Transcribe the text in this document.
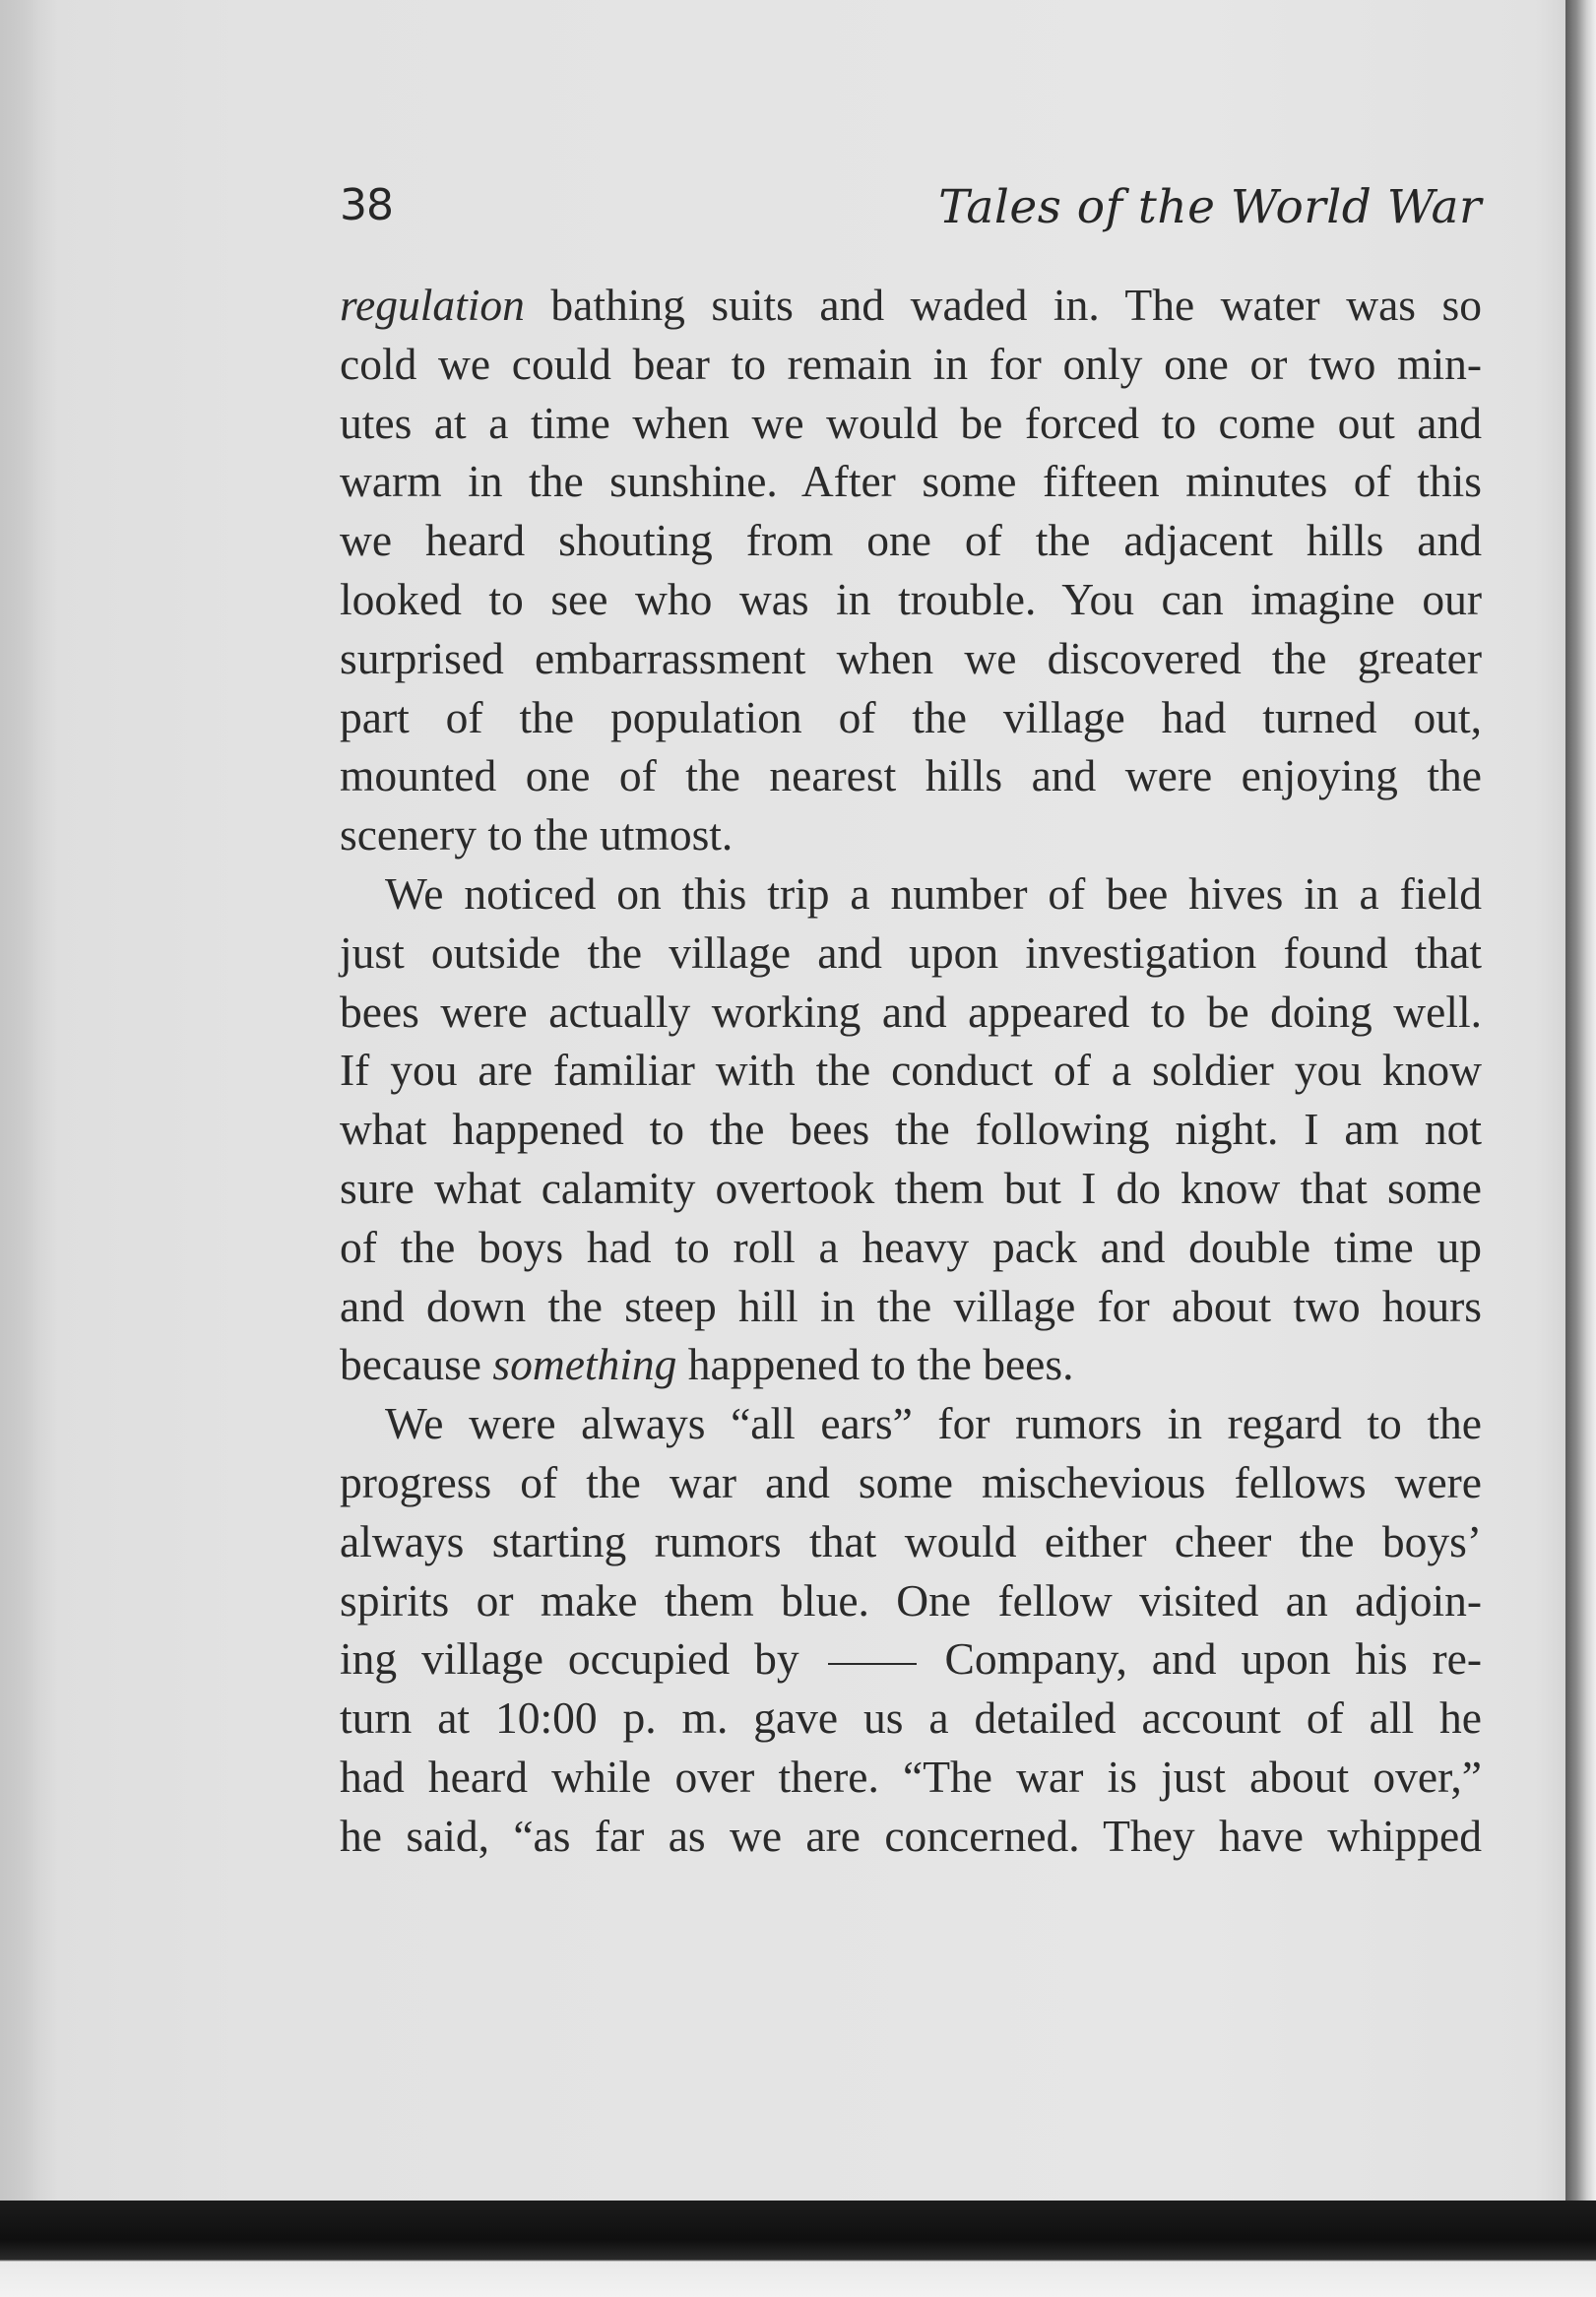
38	Tales of the World War
regulation bathing suits and waded in. The water was so
cold we could bear to remain in for only one or two min-
utes at a time when we would be forced to come out and
warm in the sunshine. After some fifteen minutes of this
we heard shouting from one of the adjacent hills and
looked to see who was in trouble. You can imagine our
surprised embarrassment when we discovered the greater
part of the population of the village had turned out,
mounted one of the nearest hills and were enjoying the
scenery to the utmost.
We noticed on this trip a number of bee hives in a field
just outside the village and upon investigation found that
bees were actually working and appeared to be doing well.
If you are familiar with the conduct of a soldier you know
what happened to the bees the following night. I am not
sure what calamity overtook them but I do know that some
of the boys had to roll a heavy pack and double time up
and down the steep hill in the village for about two hours
because something happened to the bees.
We were always “all ears” for rumors in regard to the
progress of the war and some mischevious fellows were
always starting rumors that would either cheer the boys’
spirits or make them blue. One fellow visited an adjoin-
ing village occupied by  Company, and upon his re-
turn at 10:00 p. m. gave us a detailed account of all he
had heard while over there. “The war is just about over,”
he said, “as far as we are concerned. They have whipped
